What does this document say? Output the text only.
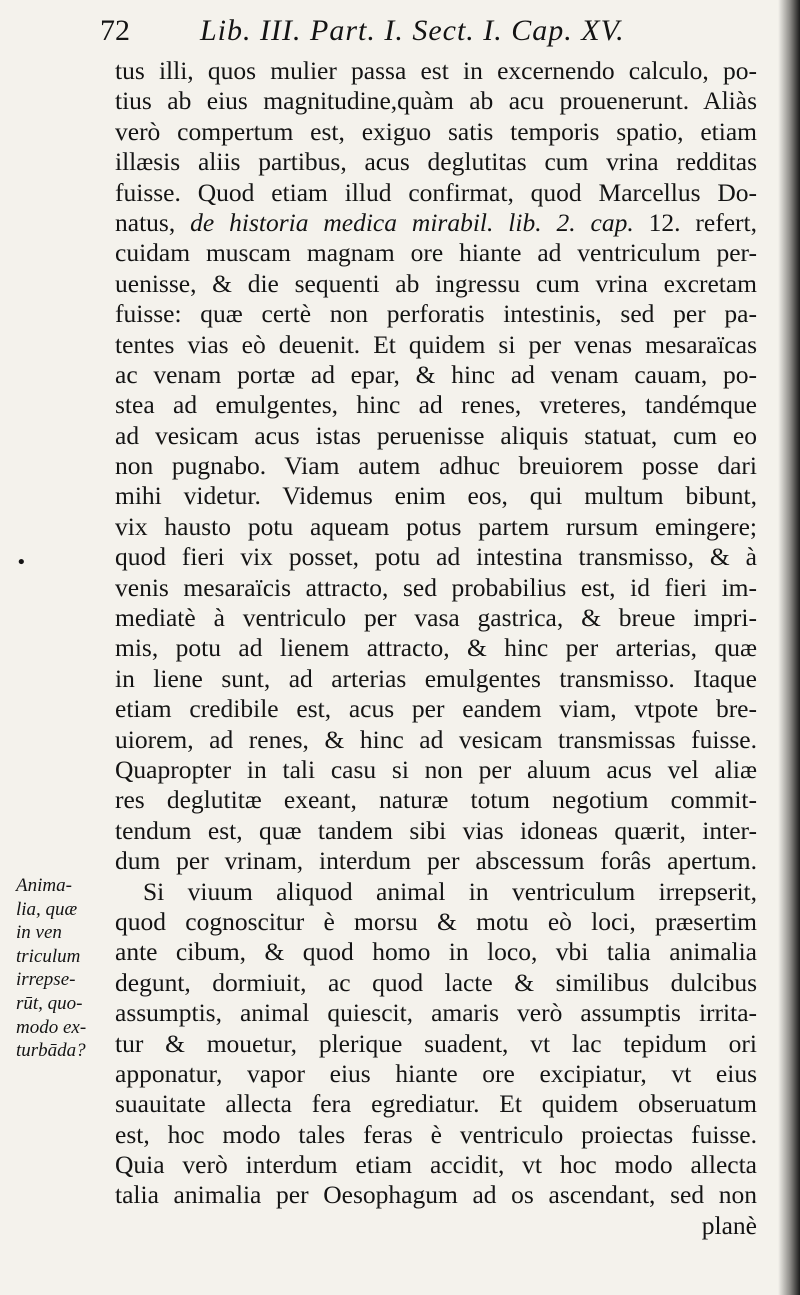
72 Lib. III. Part. I. Sect. I. Cap. XV.
tus illi, quos mulier passa est in excernendo calculo, po-
tius ab eius magnitudine,quàm ab acu prouenerunt. Aliàs
verò compertum est, exiguo satis temporis spatio, etiam
illæsis aliis partibus, acus deglutitas cum vrina redditas
fuisse. Quod etiam illud confirmat, quod Marcellus Do-
natus, de historia medica mirabil. lib. 2. cap. 12. refert,
cuidam muscam magnam ore hiante ad ventriculum per-
uenisse, & die sequenti ab ingressu cum vrina excretam
fuisse: quæ certè non perforatis intestinis, sed per pa-
tentes vias eò deuenit. Et quidem si per venas mesaraïcas
ac venam portæ ad epar, & hinc ad venam cauam, po-
stea ad emulgentes, hinc ad renes, vreteres, tandémque
ad vesicam acus istas peruenisse aliquis statuat, cum eo
non pugnabo. Viam autem adhuc breuiorem posse dari
mihi videtur. Videmus enim eos, qui multum bibunt,
vix hausto potu aqueam potus partem rursum emingere;
quod fieri vix posset, potu ad intestina transmisso, & à
venis mesaraïcis attracto, sed probabilius est, id fieri im-
mediatè à ventriculo per vasa gastrica, & breue impri-
mis, potu ad lienem attracto, & hinc per arterias, quæ
in liene sunt, ad arterias emulgentes transmisso. Itaque
etiam credibile est, acus per eandem viam, vtpote bre-
uiorem, ad renes, & hinc ad vesicam transmissas fuisse.
Quapropter in tali casu si non per aluum acus vel aliæ
res deglutitæ exeant, naturæ totum negotium commit-
tendum est, quæ tandem sibi vias idoneas quærit, inter-
dum per vrinam, interdum per abscessum forâs apertum.
Si viuum aliquod animal in ventriculum irrepserit,
quod cognoscitur è morsu & motu eò loci, præsertim
ante cibum, & quod homo in loco, vbi talia animalia
degunt, dormiuit, ac quod lacte & similibus dulcibus
assumptis, animal quiescit, amaris verò assumptis irrita-
tur & mouetur, plerique suadent, vt lac tepidum ori
apponatur, vapor eius hiante ore excipiatur, vt eius
suauitate allecta fera egrediatur. Et quidem obseruatum
est, hoc modo tales feras è ventriculo proiectas fuisse.
Quia verò interdum etiam accidit, vt hoc modo allecta
talia animalia per Oesophagum ad os ascendant, sed non
planè
Anima-
lia, quæ
in ven
triculum
irrepse-
rūt, quo-
modo ex-
turbāda?
•
